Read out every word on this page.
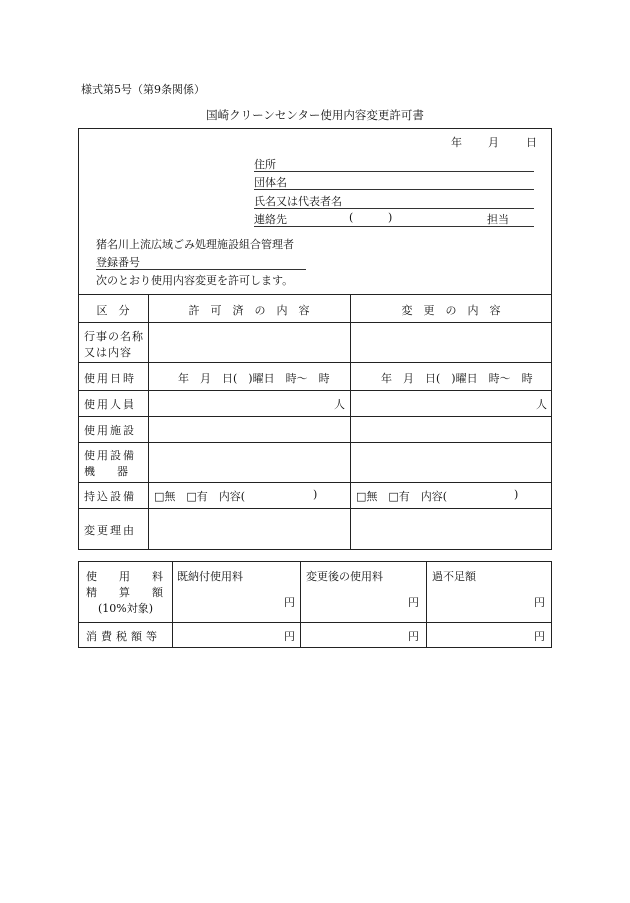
様式第5号（第9条関係）
国崎クリーンセンター使用内容変更許可書
年 月 日
住所
団体名
氏名又は代表者名
連絡先	(	)	担当
猪名川上流広域ごみ処理施設組合管理者
登録番号
次のとおり使用内容変更を許可します。
区　分	許　可　済　の　内　容	変　更　の　内　容
行事の名称
又は内容
使用日時	年　月　日(　)曜日　時～　時	年　月　日(　)曜日　時～　時
使用人員	人	人
使用施設
使用設備
機　　器
持込設備 □無　□有　内容(	)	□無　□有　内容(	)
変更理由
使　　用　　料
精　　算　　額
(10%対象)
既納付使用料	変更後の使用料	過不足額
円	円	円
消費税額等	円	円	円
